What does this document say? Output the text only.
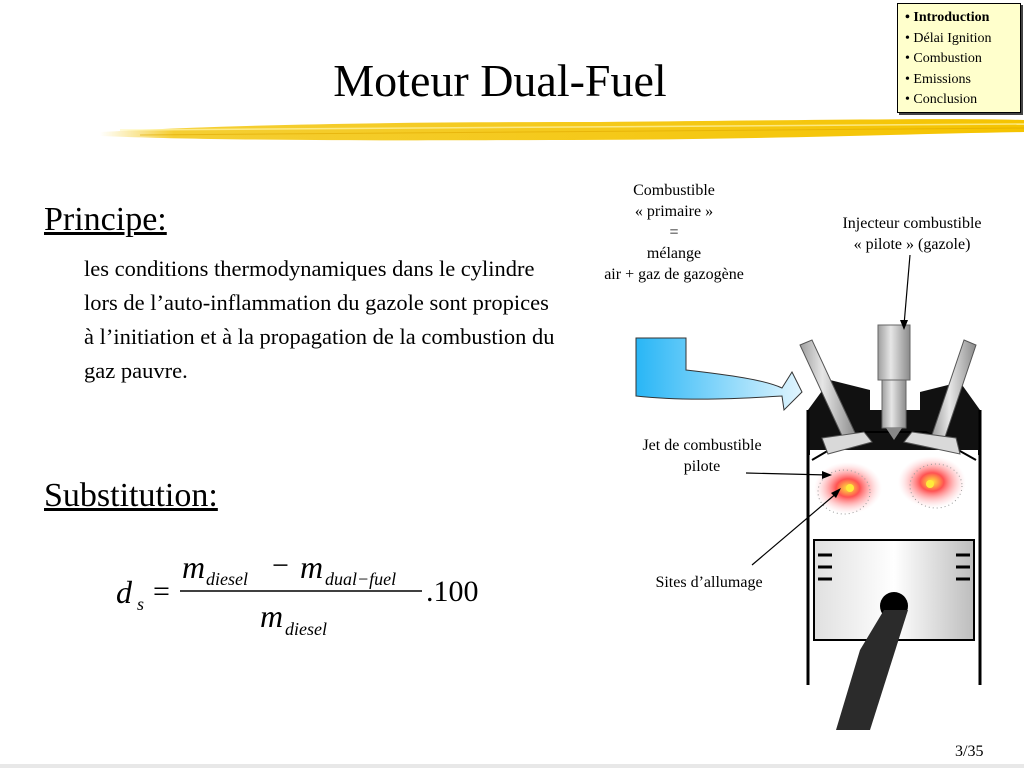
Moteur Dual-Fuel
• Introduction
• Délai Ignition
• Combustion
• Emissions
• Conclusion
Principe:
les conditions thermodynamiques dans le cylindre lors de l’auto-inflammation du gazole sont propices à l’initiation et à la propagation de la combustion du gaz pauvre.
Substitution:
d s =
m diesel − m dual−fuel
m diesel
.100
Combustible
« primaire »
=
mélange
air + gaz de gazogène
Injecteur combustible
« pilote » (gazole)
Jet de combustible
pilote
Sites d’allumage
3/35
